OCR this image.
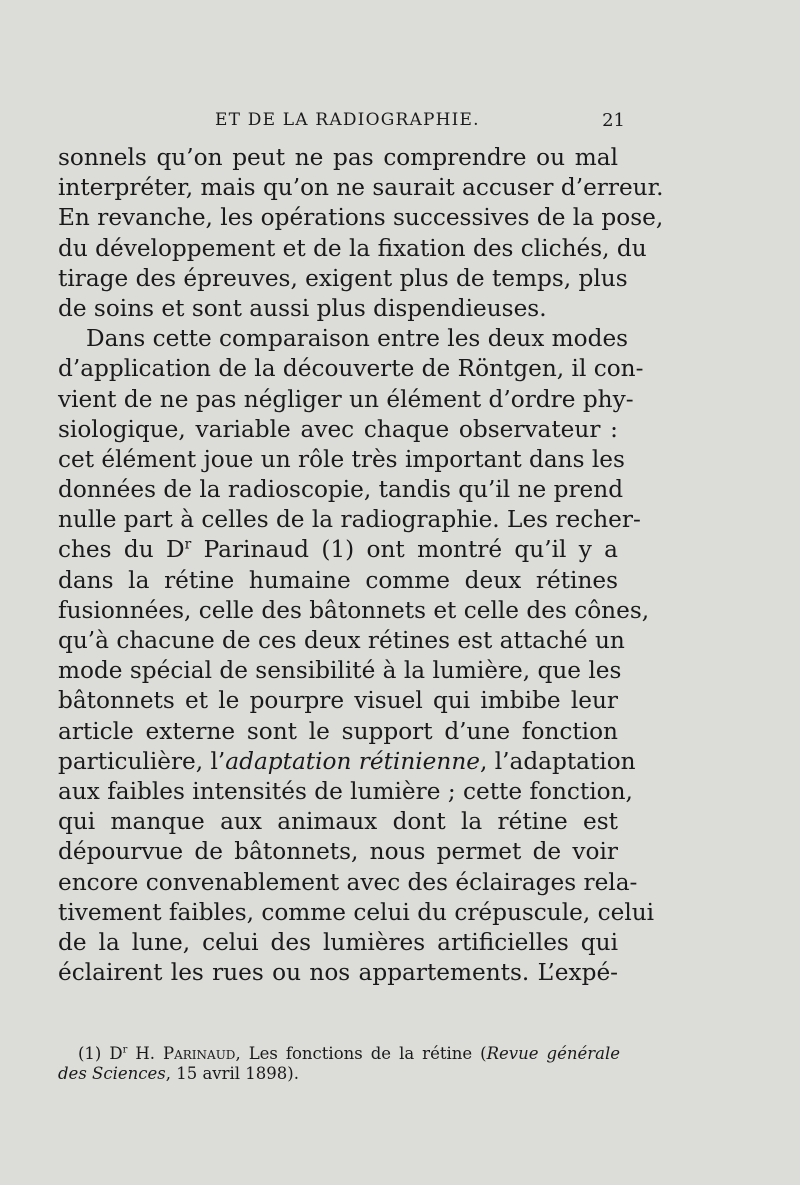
ET DE LA RADIOGRAPHIE.	21
sonnels qu’on peut ne pas comprendre ou mal
interpréter, mais qu’on ne saurait accuser d’erreur.
En revanche, les opérations successives de la pose,
du développement et de la fixation des clichés, du
tirage des épreuves, exigent plus de temps, plus
de soins et sont aussi plus dispendieuses.
Dans cette comparaison entre les deux modes
d’application de la découverte de Röntgen, il con-
vient de ne pas négliger un élément d’ordre phy-
siologique, variable avec chaque observateur :
cet élément joue un rôle très important dans les
données de la radioscopie, tandis qu’il ne prend
nulle part à celles de la radiographie. Les recher-
ches du $D^r$ Parinaud (1) ont montré qu’il y a
dans la rétine humaine comme deux rétines
fusionnées, celle des bâtonnets et celle des cônes,
qu’à chacune de ces deux rétines est attaché un
mode spécial de sensibilité à la lumière, que les
bâtonnets et le pourpre visuel qui imbibe leur
article externe sont le support d’une fonction
particulière, l’adaptation rétinienne, l’adaptation
aux faibles intensités de lumière ; cette fonction,
qui manque aux animaux dont la rétine est
dépourvue de bâtonnets, nous permet de voir
encore convenablement avec des éclairages rela-
tivement faibles, comme celui du crépuscule, celui
de la lune, celui des lumières artificielles qui
éclairent les rues ou nos appartements. L’expé-
(1) $D^r$ H. Parinaud, Les fonctions de la rétine (Revue générale
des Sciences, 15 avril 1898).
